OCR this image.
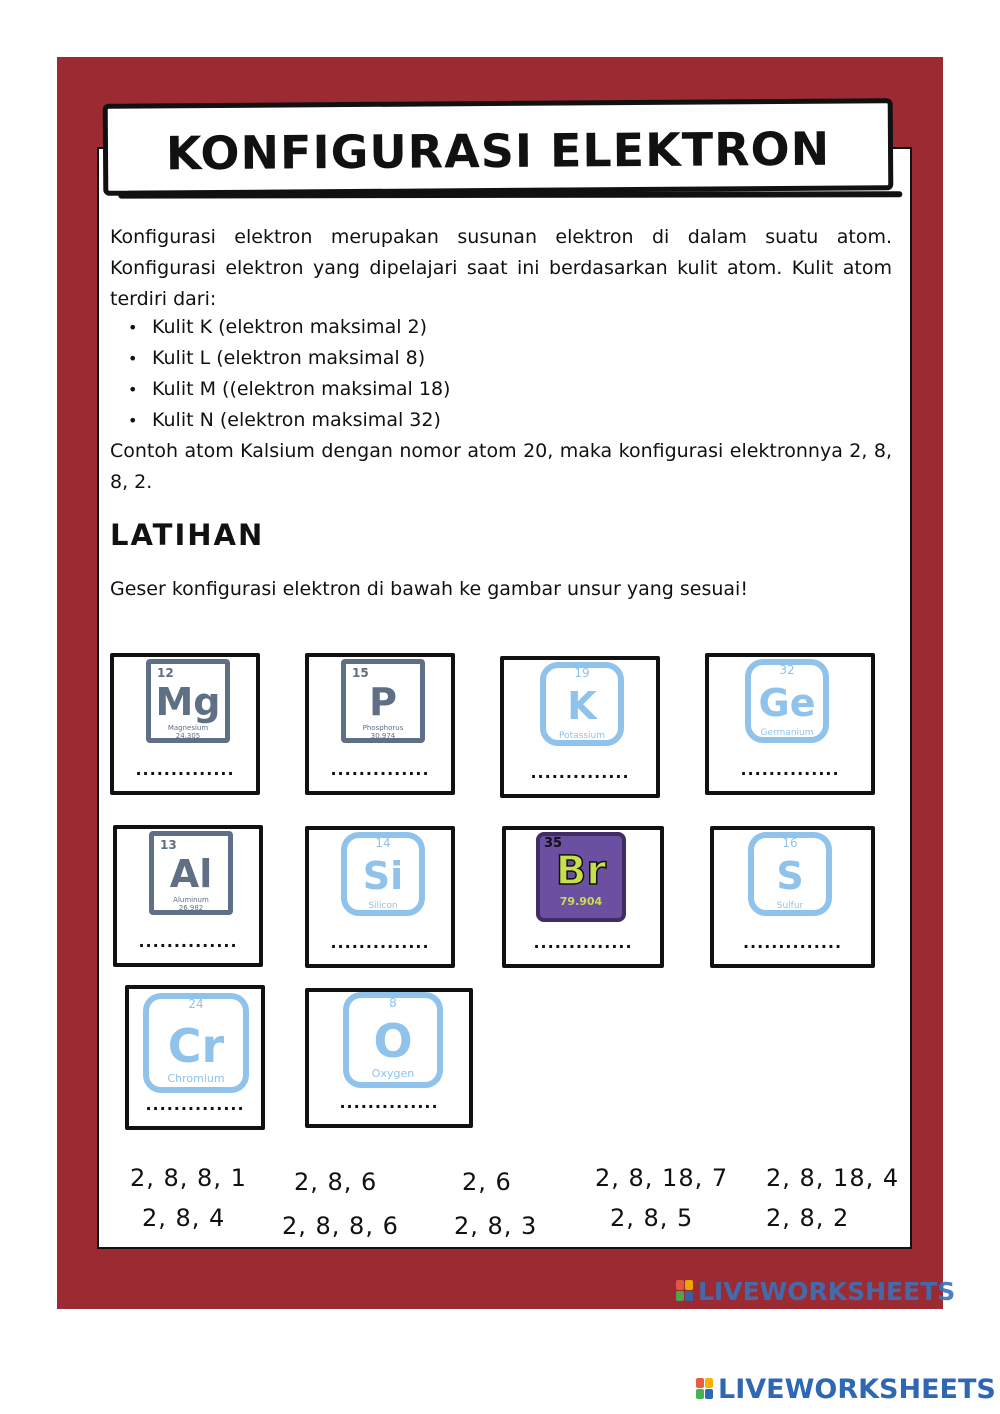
KONFIGURASI ELEKTRON

Konfigurasi elektron merupakan susunan elektron di dalam suatu atom. Konfigurasi elektron yang dipelajari saat ini berdasarkan kulit atom. Kulit atom terdiri dari:

• Kulit K (elektron maksimal 2)
• Kulit L (elektron maksimal 8)
• Kulit M ((elektron maksimal 18)
• Kulit N (elektron maksimal 32)

Contoh atom Kalsium dengan nomor atom 20, maka konfigurasi elektronnya 2, 8, 8, 2.

LATIHAN

Geser konfigurasi elektron di bawah ke gambar unsur yang sesuai!

12
Mg
Magnesium
24.305
..............
15
P
Phosphorus
30.974
..............
19
K
Potassium
..............
32
Ge
Germanium
..............
13
Al
Aluminum
26.982
..............
14
Si
Silicon
..............
35
Br
79.904
..............
16
S
Sulfur
..............
24
Cr
Chromium
..............
8
O
Oxygen
..............
2, 8, 8, 1 2, 8, 6	2, 6	2, 8, 18, 7 2, 8, 18, 4
2, 8, 4 2, 8, 8, 6 2, 8, 3	2, 8, 5	2, 8, 2
LIVEWORKSHEETS
LIVEWORKSHEETS
